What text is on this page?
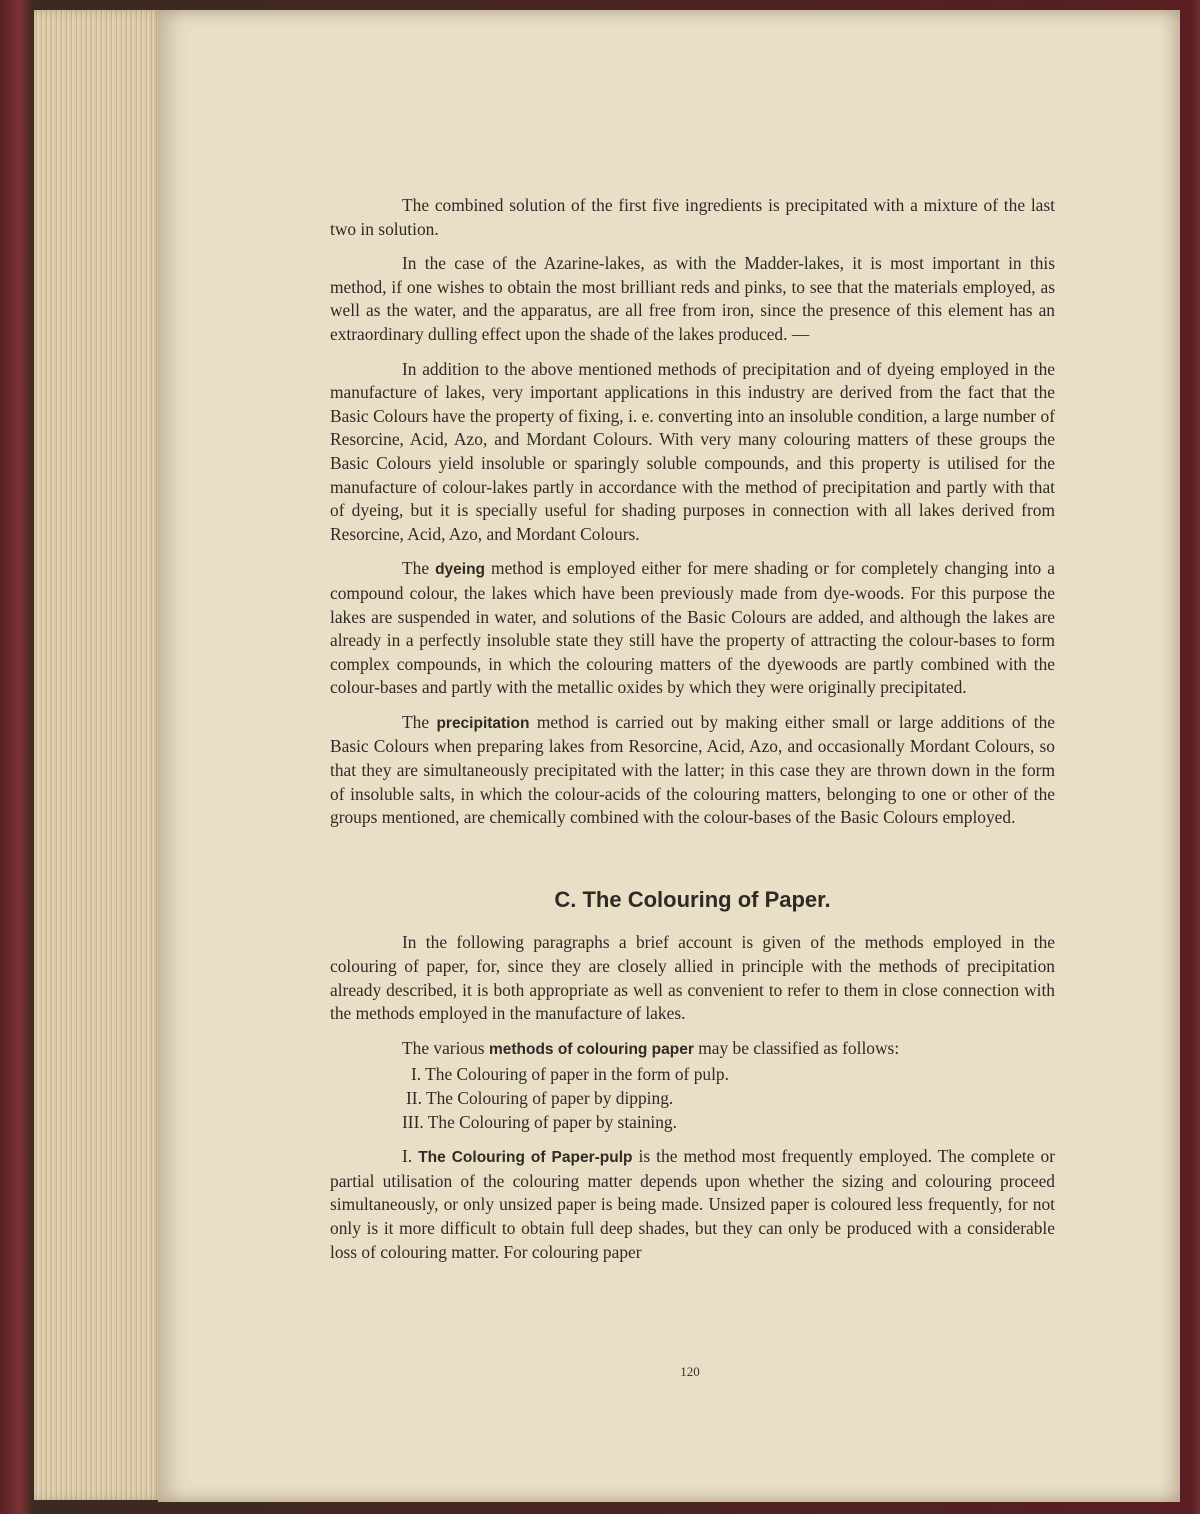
The combined solution of the first five ingredients is precipitated with a mixture of the last two in solution.

In the case of the Azarine-lakes, as with the Madder-lakes, it is most important in this method, if one wishes to obtain the most brilliant reds and pinks, to see that the materials employed, as well as the water, and the apparatus, are all free from iron, since the presence of this element has an extraordinary dulling effect upon the shade of the lakes produced. —

In addition to the above mentioned methods of precipitation and of dyeing employed in the manufacture of lakes, very important applications in this industry are derived from the fact that the Basic Colours have the property of fixing, i. e. converting into an insoluble condition, a large number of Resorcine, Acid, Azo, and Mordant Colours. With very many colouring matters of these groups the Basic Colours yield insoluble or sparingly soluble compounds, and this property is utilised for the manufacture of colour-lakes partly in accordance with the method of precipitation and partly with that of dyeing, but it is specially useful for shading purposes in connection with all lakes derived from Resorcine, Acid, Azo, and Mordant Colours.

The dyeing method is employed either for mere shading or for completely changing into a compound colour, the lakes which have been previously made from dye-woods. For this purpose the lakes are suspended in water, and solutions of the Basic Colours are added, and although the lakes are already in a perfectly insoluble state they still have the property of attracting the colour-bases to form complex compounds, in which the colouring matters of the dyewoods are partly combined with the colour-bases and partly with the metallic oxides by which they were originally precipitated.

The precipitation method is carried out by making either small or large additions of the Basic Colours when preparing lakes from Resorcine, Acid, Azo, and occasionally Mordant Colours, so that they are simultaneously precipitated with the latter; in this case they are thrown down in the form of insoluble salts, in which the colour-acids of the colouring matters, belonging to one or other of the groups mentioned, are chemically combined with the colour-bases of the Basic Colours employed.

C. The Colouring of Paper.

In the following paragraphs a brief account is given of the methods employed in the colouring of paper, for, since they are closely allied in principle with the methods of precipitation already described, it is both appropriate as well as convenient to refer to them in close connection with the methods employed in the manufacture of lakes.

The various methods of colouring paper may be classified as follows:

I. The Colouring of paper in the form of pulp.
II. The Colouring of paper by dipping.
III. The Colouring of paper by staining.

I. The Colouring of Paper-pulp is the method most frequently employed. The complete or partial utilisation of the colouring matter depends upon whether the sizing and colouring proceed simultaneously, or only unsized paper is being made. Unsized paper is coloured less frequently, for not only is it more difficult to obtain full deep shades, but they can only be produced with a considerable loss of colouring matter. For colouring paper

120
